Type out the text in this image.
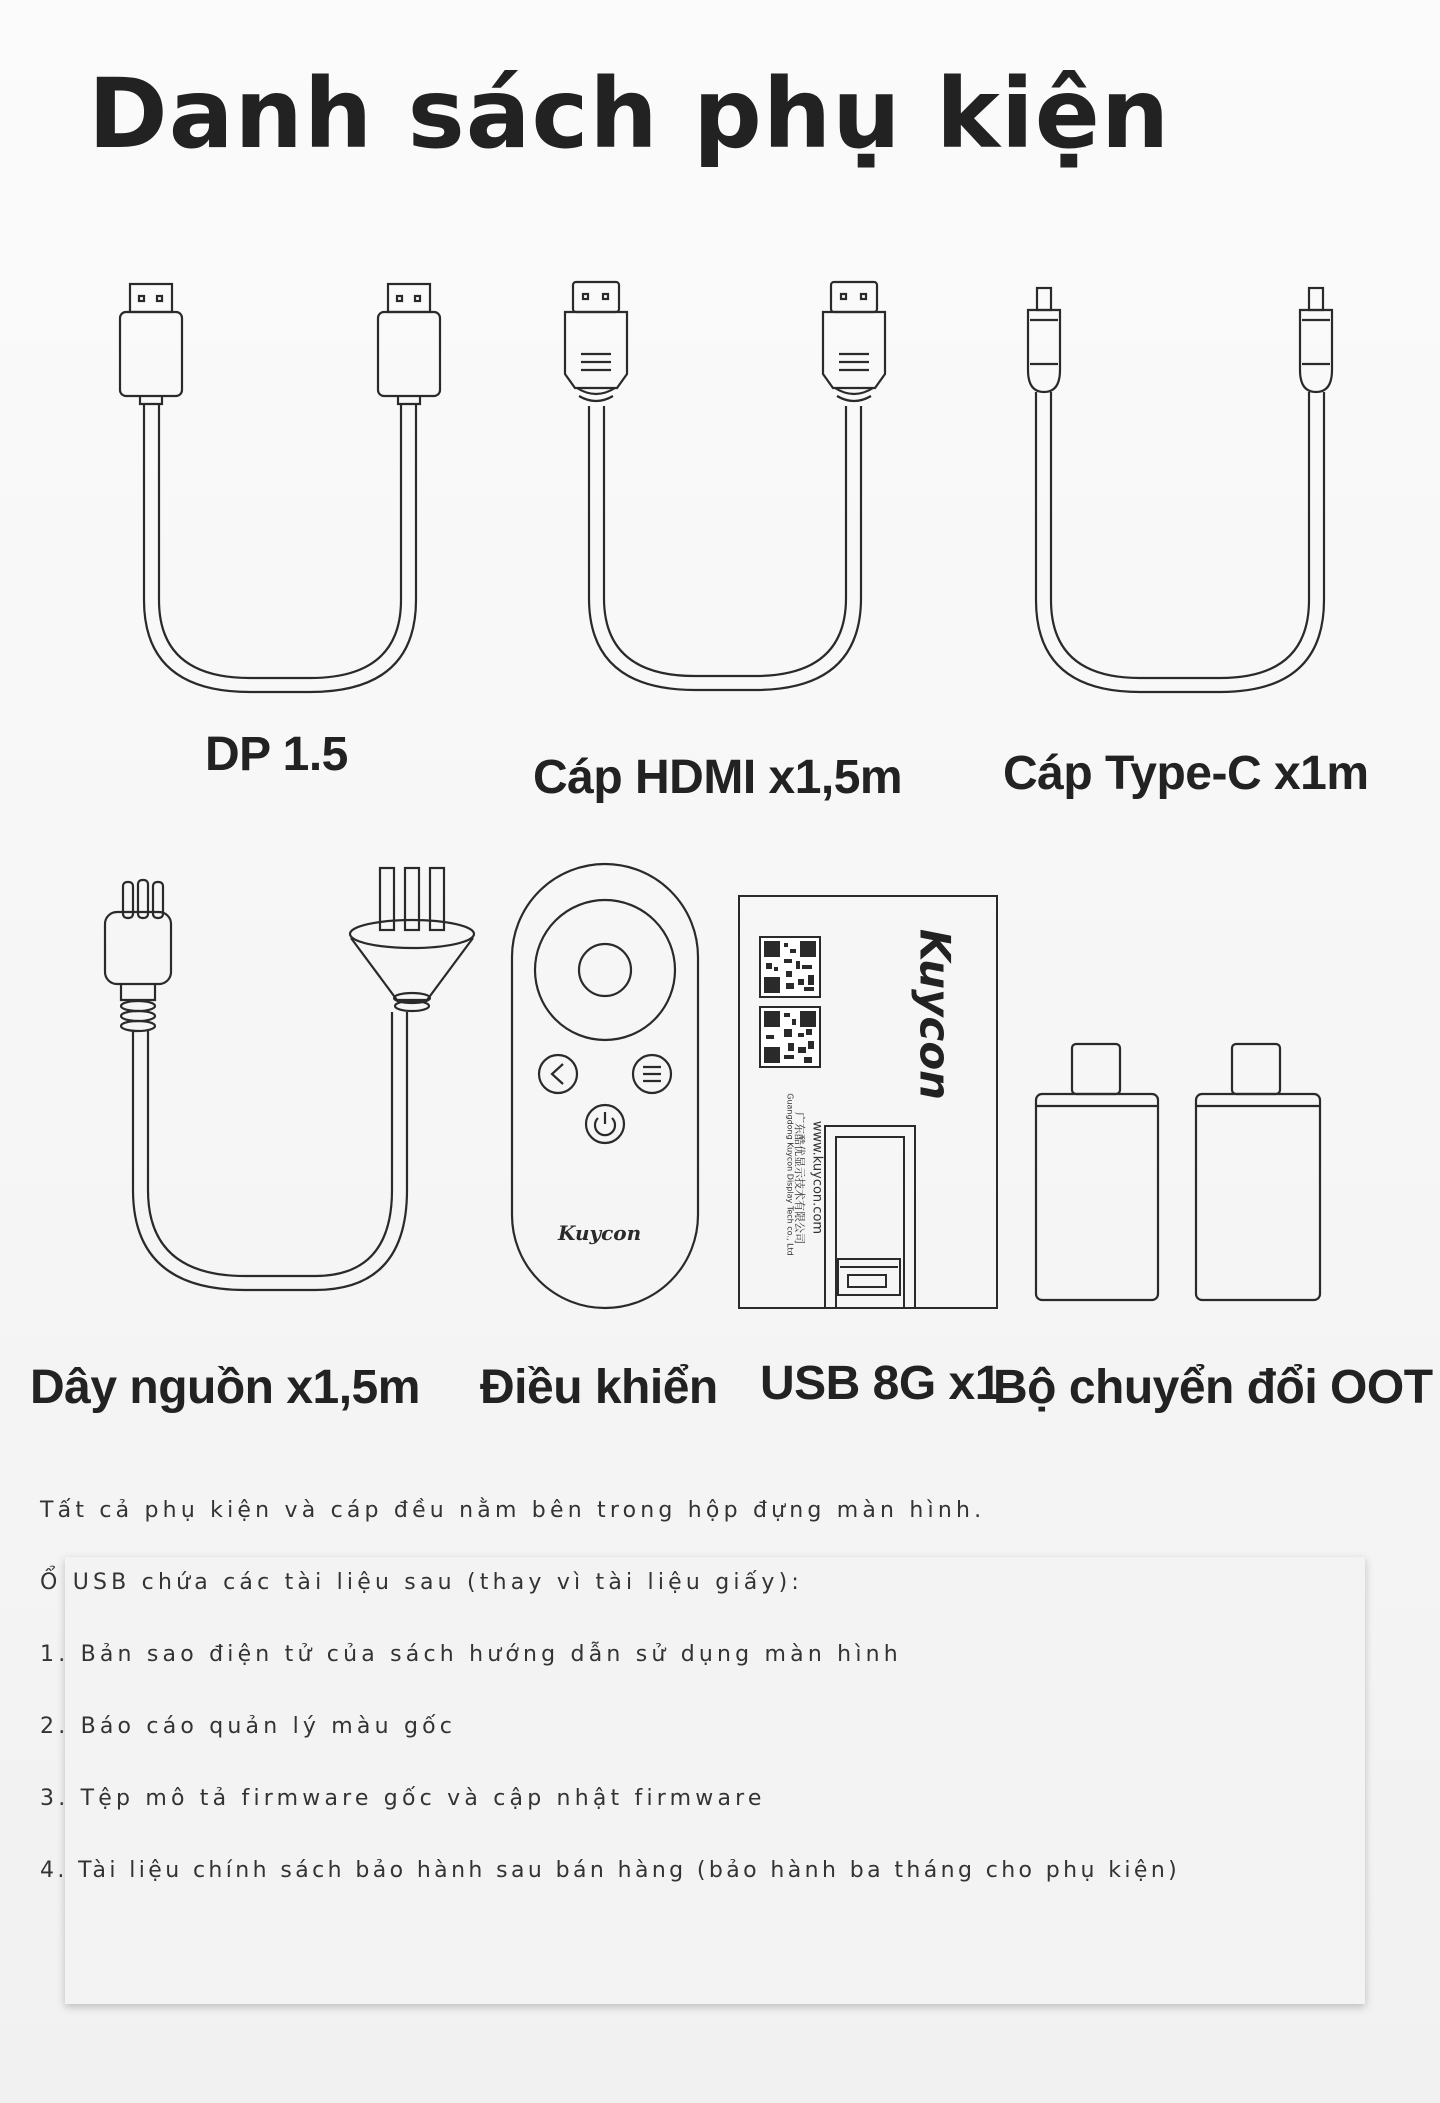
Danh sách phụ kiện
DP 1.5	Cáp HDMI x1,5m Cáp Type-C x1m
Dây nguồn x1,5m
Kuycon
Điều khiển
Kuycon
www.kuycon.com
广东酷优显示技术有限公司
Guangdong Kuycon Display Tech co., Ltd
USB 8G x1
Bộ chuyển đổi OOT
Tất cả phụ kiện và cáp đều nằm bên trong hộp đựng màn hình.
Ổ USB chứa các tài liệu sau (thay vì tài liệu giấy):
1. Bản sao điện tử của sách hướng dẫn sử dụng màn hình
2. Báo cáo quản lý màu gốc
3. Tệp mô tả firmware gốc và cập nhật firmware
4. Tài liệu chính sách bảo hành sau bán hàng (bảo hành ba tháng cho phụ kiện)
